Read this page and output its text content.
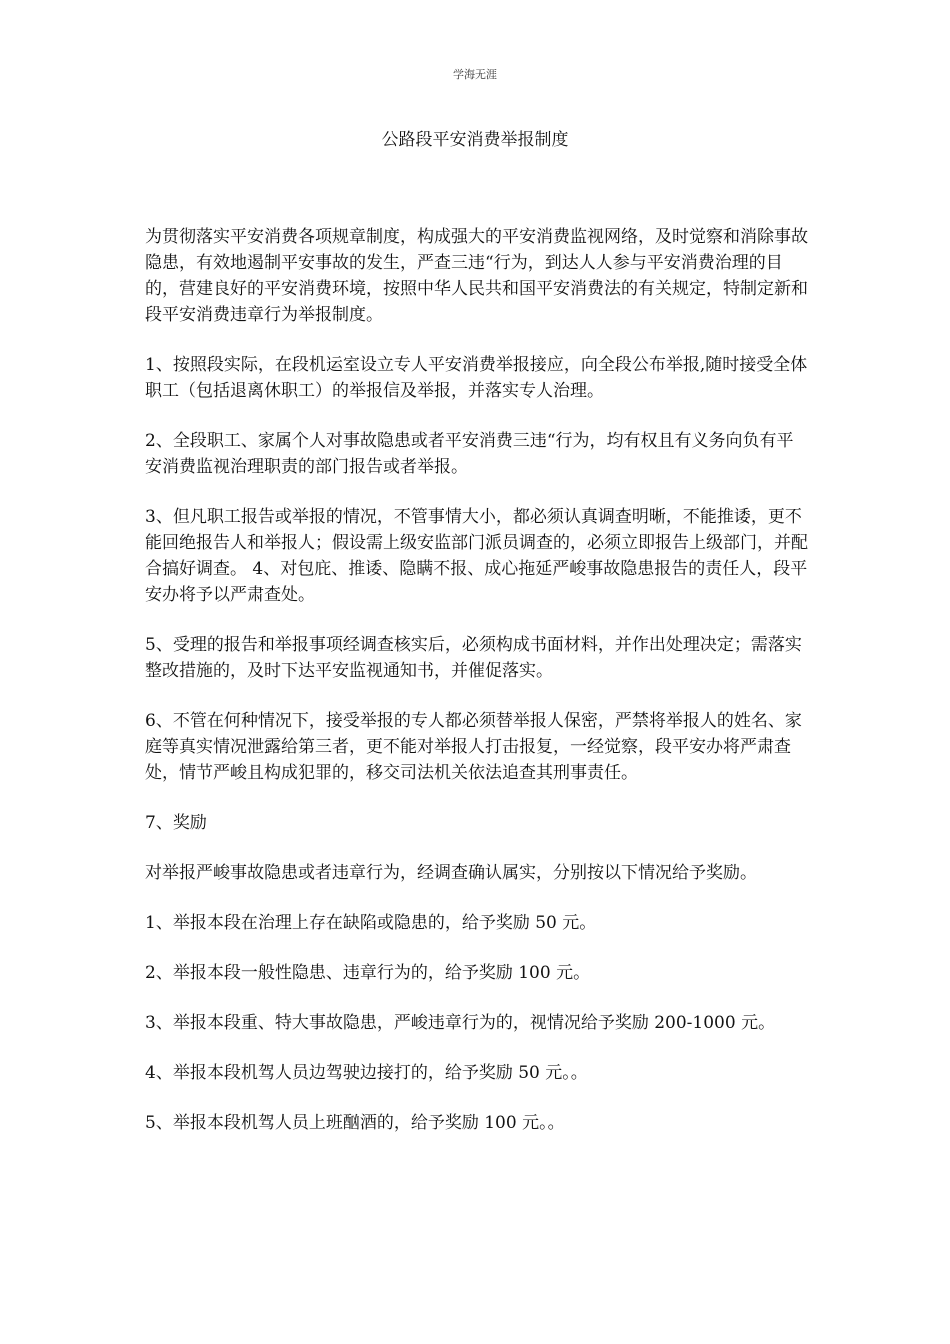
学海无涯
公路段平安消费举报制度

为贯彻落实平安消费各项规章制度，构成强大的平安消费监视网络，及时觉察和消除事故隐患，有效地遏制平安事故的发生，严查三违“行为，到达人人参与平安消费治理的目的，营建良好的平安消费环境，按照中华人民共和国平安消费法的有关规定，特制定新和段平安消费违章行为举报制度。

1、按照段实际，在段机运室设立专人平安消费举报接应，向全段公布举报,随时接受全体职工（包括退离休职工）的举报信及举报，并落实专人治理。

2、全段职工、家属个人对事故隐患或者平安消费三违“行为，均有权且有义务向负有平安消费监视治理职责的部门报告或者举报。

3、但凡职工报告或举报的情况，不管事情大小，都必须认真调查明晰，不能推诿，更不能回绝报告人和举报人；假设需上级安监部门派员调查的，必须立即报告上级部门，并配合搞好调查。 4、对包庇、推诿、隐瞒不报、成心拖延严峻事故隐患报告的责任人，段平安办将予以严肃查处。

5、受理的报告和举报事项经调查核实后，必须构成书面材料，并作出处理决定；需落实整改措施的，及时下达平安监视通知书，并催促落实。

6、不管在何种情况下，接受举报的专人都必须替举报人保密，严禁将举报人的姓名、家庭等真实情况泄露给第三者，更不能对举报人打击报复，一经觉察，段平安办将严肃查处，情节严峻且构成犯罪的，移交司法机关依法追查其刑事责任。

7、奖励

对举报严峻事故隐患或者违章行为，经调查确认属实，分别按以下情况给予奖励。

1、举报本段在治理上存在缺陷或隐患的，给予奖励 50 元。

2、举报本段一般性隐患、违章行为的，给予奖励 100 元。

3、举报本段重、特大事故隐患，严峻违章行为的，视情况给予奖励 200-1000 元。

4、举报本段机驾人员边驾驶边接打的，给予奖励 50 元。。

5、举报本段机驾人员上班酗酒的，给予奖励 100 元。。
